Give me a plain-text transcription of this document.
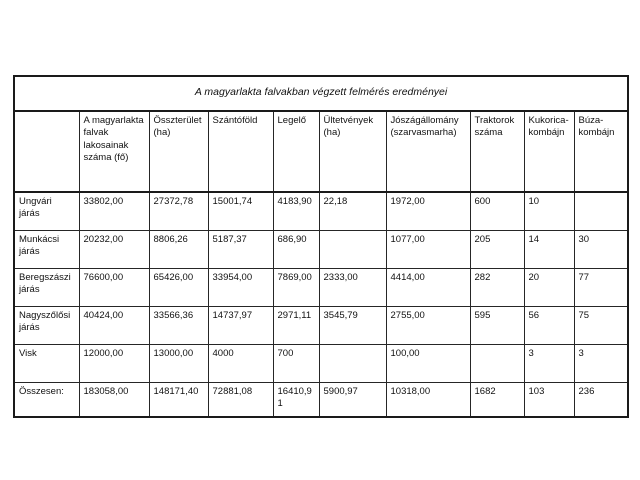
A magyarlakta falvakban végzett felmérés eredményei									
	A magyarlakta falvak lakosainak száma (fő)	Összterület (ha)	Szántóföld	Legelő	Ültetvények (ha)	Jószágállomány (szarvasmarha)	Traktorok száma	Kukorica-kombájn	Búza-kombájn
Ungvári járás	33802,00	27372,78	15001,74	4183,90	22,18	1972,00	600	10	
Munkácsi járás	20232,00	8806,26	5187,37	686,90		1077,00	205	14	30
Beregszászi járás	76600,00	65426,00	33954,00	7869,00	2333,00	4414,00	282	20	77
Nagyszőlősi járás	40424,00	33566,36	14737,97	2971,11	3545,79	2755,00	595	56	75
Visk	12000,00	13000,00	4000	700		100,00		3	3
Összesen:	183058,00	148171,40	72881,08	16410,91	5900,97	10318,00	1682	103	236
